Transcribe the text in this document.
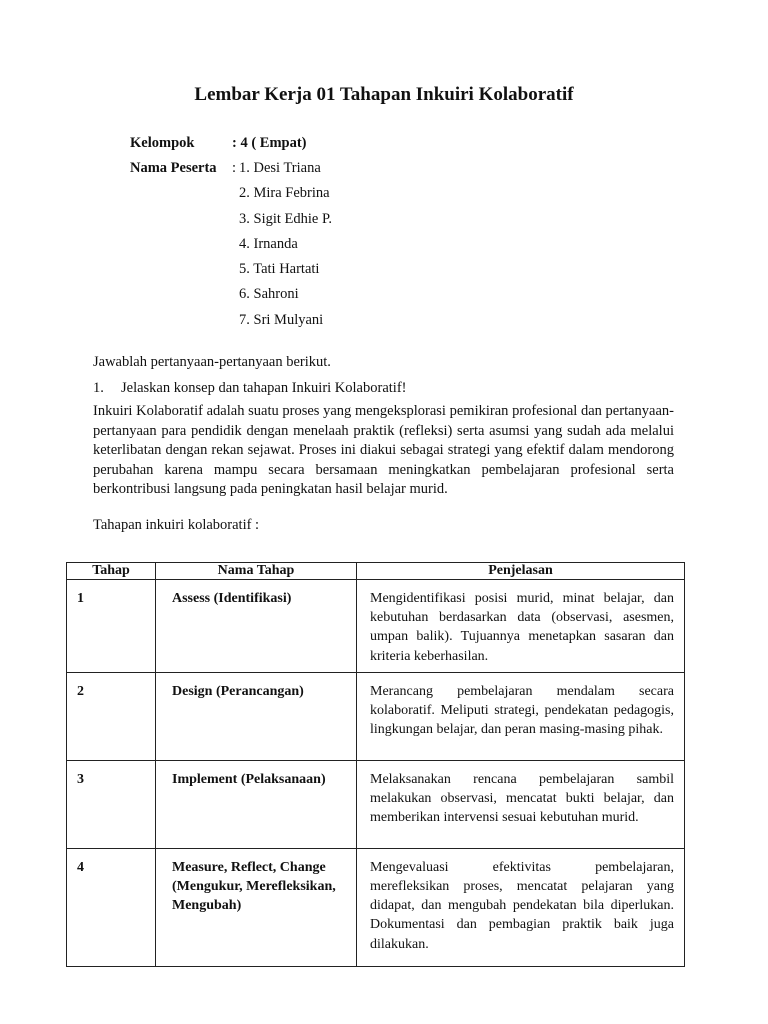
Lembar Kerja 01 Tahapan Inkuiri Kolaboratif
Kelompok	: 4 ( Empat)
Nama Peserta : 1. Desi Triana
2. Mira Febrina
3. Sigit Edhie P.
4. Irnanda
5. Tati Hartati
6. Sahroni
7. Sri Mulyani
Jawablah pertanyaan-pertanyaan berikut.
1. Jelaskan konsep dan tahapan Inkuiri Kolaboratif!
Inkuiri Kolaboratif adalah suatu proses yang mengeksplorasi pemikiran profesional dan pertanyaan-pertanyaan para pendidik dengan menelaah praktik (refleksi) serta asumsi yang sudah ada melalui keterlibatan dengan rekan sejawat. Proses ini diakui sebagai strategi yang efektif dalam mendorong perubahan karena mampu secara bersamaan meningkatkan pembelajaran profesional serta berkontribusi langsung pada peningkatan hasil belajar murid.
Tahapan inkuiri kolaboratif :
Tahap	Nama Tahap	Penjelasan
1	Assess (Identifikasi)	Mengidentifikasi posisi murid, minat belajar, dan kebutuhan berdasarkan data (observasi, asesmen, umpan balik). Tujuannya menetapkan sasaran dan kriteria keberhasilan.
2	Design (Perancangan)	Merancang pembelajaran mendalam secara kolaboratif. Meliputi strategi, pendekatan pedagogis, lingkungan belajar, dan peran masing-masing pihak.
3	Implement (Pelaksanaan)	Melaksanakan rencana pembelajaran sambil melakukan observasi, mencatat bukti belajar, dan memberikan intervensi sesuai kebutuhan murid.
4	Measure, Reflect, Change (Mengukur, Merefleksikan, Mengubah)	Mengevaluasi efektivitas pembelajaran, merefleksikan proses, mencatat pelajaran yang didapat, dan mengubah pendekatan bila diperlukan. Dokumentasi dan pembagian praktik baik juga dilakukan.
